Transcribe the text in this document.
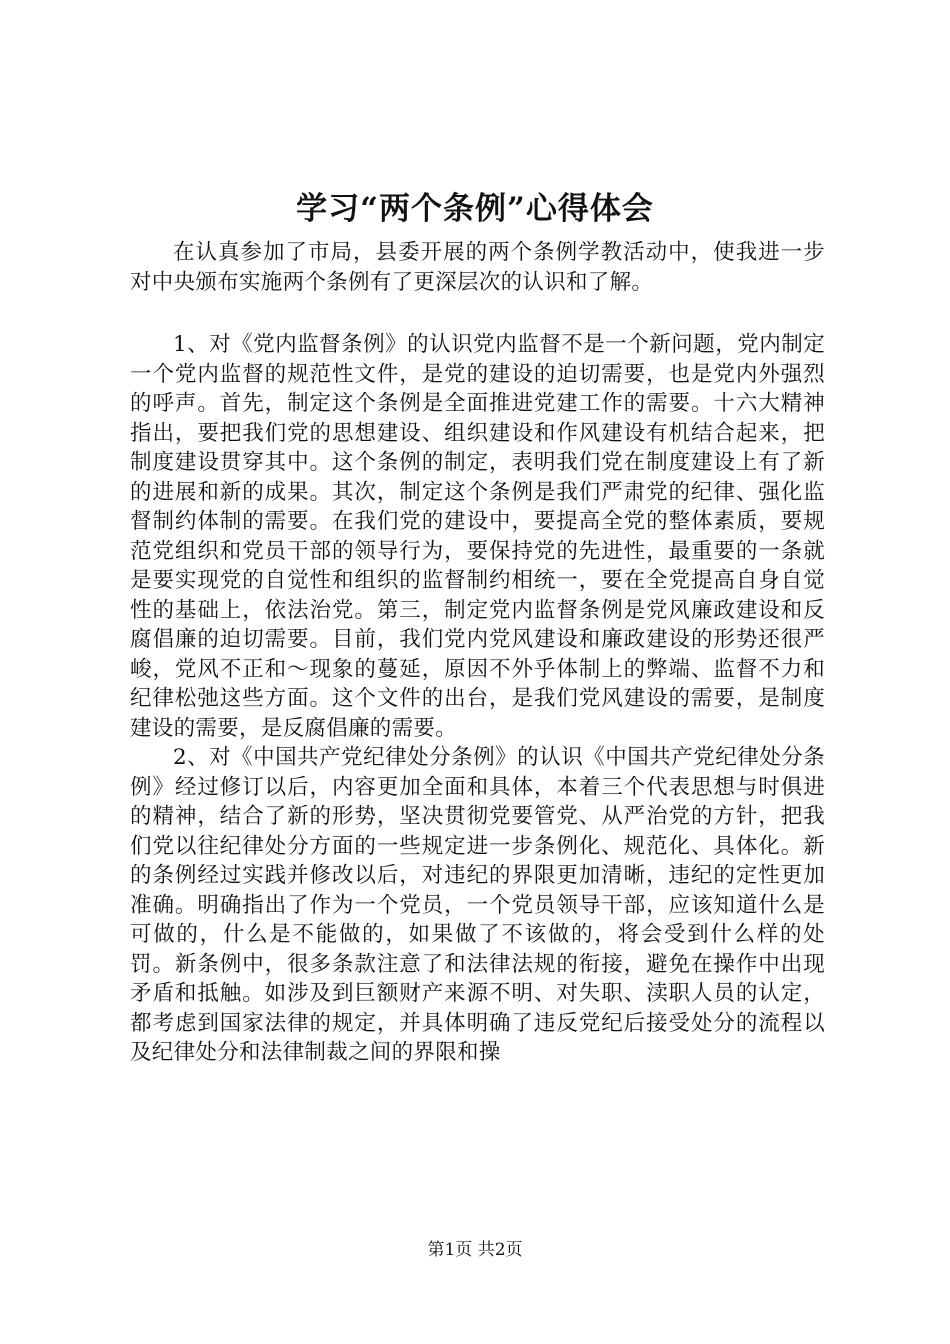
学习“两个条例”心得体会

在认真参加了市局，县委开展的两个条例学教活动中，使我进一步对中央颁布实施两个条例有了更深层次的认识和了解。

1、对《党内监督条例》的认识党内监督不是一个新问题，党内制定一个党内监督的规范性文件，是党的建设的迫切需要，也是党内外强烈的呼声。首先，制定这个条例是全面推进党建工作的需要。十六大精神指出，要把我们党的思想建设、组织建设和作风建设有机结合起来，把制度建设贯穿其中。这个条例的制定，表明我们党在制度建设上有了新的进展和新的成果。其次，制定这个条例是我们严肃党的纪律、强化监督制约体制的需要。在我们党的建设中，要提高全党的整体素质，要规范党组织和党员干部的领导行为，要保持党的先进性，最重要的一条就是要实现党的自觉性和组织的监督制约相统一，要在全党提高自身自觉性的基础上，依法治党。第三，制定党内监督条例是党风廉政建设和反腐倡廉的迫切需要。目前，我们党内党风建设和廉政建设的形势还很严峻，党风不正和～现象的蔓延，原因不外乎体制上的弊端、监督不力和纪律松弛这些方面。这个文件的出台，是我们党风建设的需要，是制度建设的需要，是反腐倡廉的需要。

2、对《中国共产党纪律处分条例》的认识《中国共产党纪律处分条例》经过修订以后，内容更加全面和具体，本着三个代表思想与时俱进的精神，结合了新的形势，坚决贯彻党要管党、从严治党的方针，把我们党以往纪律处分方面的一些规定进一步条例化、规范化、具体化。新的条例经过实践并修改以后，对违纪的界限更加清晰，违纪的定性更加准确。明确指出了作为一个党员，一个党员领导干部，应该知道什么是可做的，什么是不能做的，如果做了不该做的，将会受到什么样的处罚。新条例中，很多条款注意了和法律法规的衔接，避免在操作中出现矛盾和抵触。如涉及到巨额财产来源不明、对失职、渎职人员的认定，都考虑到国家法律的规定，并具体明确了违反党纪后接受处分的流程以及纪律处分和法律制裁之间的界限和操

第1页 共2页
